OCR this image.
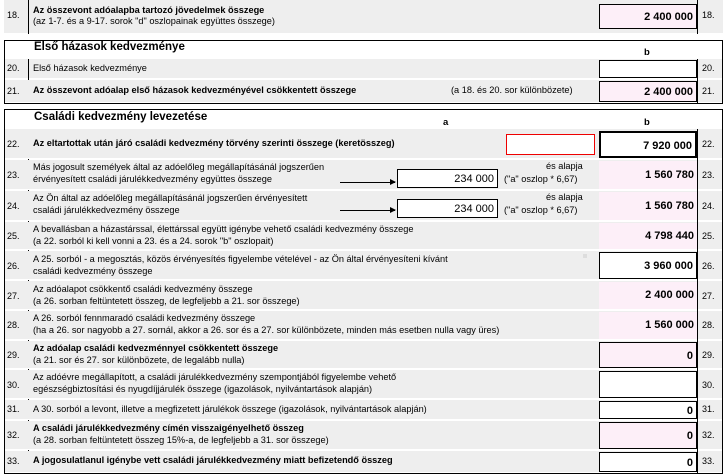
18.	Az összevont adóalapba tartozó jövedelmek összege
(az 1-7. és a 9-17. sorok "d" oszlopainak együttes összege)	2 400 000	18.
Első házasok kedvezménye	b
20.	Első házasok kedvezménye	20.
21.	Az összevont adóalap első házasok kedvezményével csökkentett összege	(a 18. és 20. sor különbözete)	2 400 000	21.
Családi kedvezmény levezetése	a	b
22.	Az eltartottak után járó családi kedvezmény törvény szerinti összege (keretösszeg)	7 920 000	22.
23.
Más jogosult személyek által az adóelőleg megállapításánál jogszerűen
érvényesített családi járulékkedvezmény együttes összege	234 000
és alapja
("a" oszlop * 6,67)	1 560 780 23.
24.
Az Ön által az adóelőleg megállapításánál jogszerűen érvényesített
családi járulékkedvezmény összege	234 000
és alapja
("a" oszlop * 6,67)	1 560 780 24.
25.
A bevallásban a házastárssal, élettárssal együtt igénybe vehető családi kedvezmény összege
(a 22. sorból ki kell vonni a 23. és a 24. sorok "b" oszlopait)	4 798 440 25.
26.
A 25. sorból - a megosztás, közös érvényesítés figyelembe vételével - az Ön által érvényesíteni kívánt
családi kedvezmény összege	3 960 000	26.
27.
Az adóalapot csökkentő családi kedvezmény összege
(a 26. sorban feltüntetett összeg, de legfeljebb a 21. sor összege)	2 400 000 27.
28.
A 26. sorból fennmaradó családi kedvezmény összege
(ha a 26. sor nagyobb a 27. sornál, akkor a 26. sor és a 27. sor különbözete, minden más esetben nulla vagy üres)	1 560 000 28.
29.
Az adóalap családi kedvezménnyel csökkentett összege
(a 21. sor és 27. sor különbözete, de legalább nulla)	0	29.
30.
Az adóévre megállapított, a családi járulékkedvezmény szempontjából figyelembe vehető
egészségbiztosítási és nyugdíjjárulék összege (igazolások, nyilvántartások alapján)	30.
31.	A 30. sorból a levont, illetve a megfizetett járulékok összege (igazolások, nyilvántartások alapján)	0	31.
32.
A családi járulékkedvezmény címén visszaigényelhető összeg
(a 28. sorban feltüntetett összeg 15%-a, de legfeljebb a 31. sor összege)	0	32.
33.	A jogosulatlanul igénybe vett családi járulékkedvezmény miatt befizetendő összeg	0	33.
